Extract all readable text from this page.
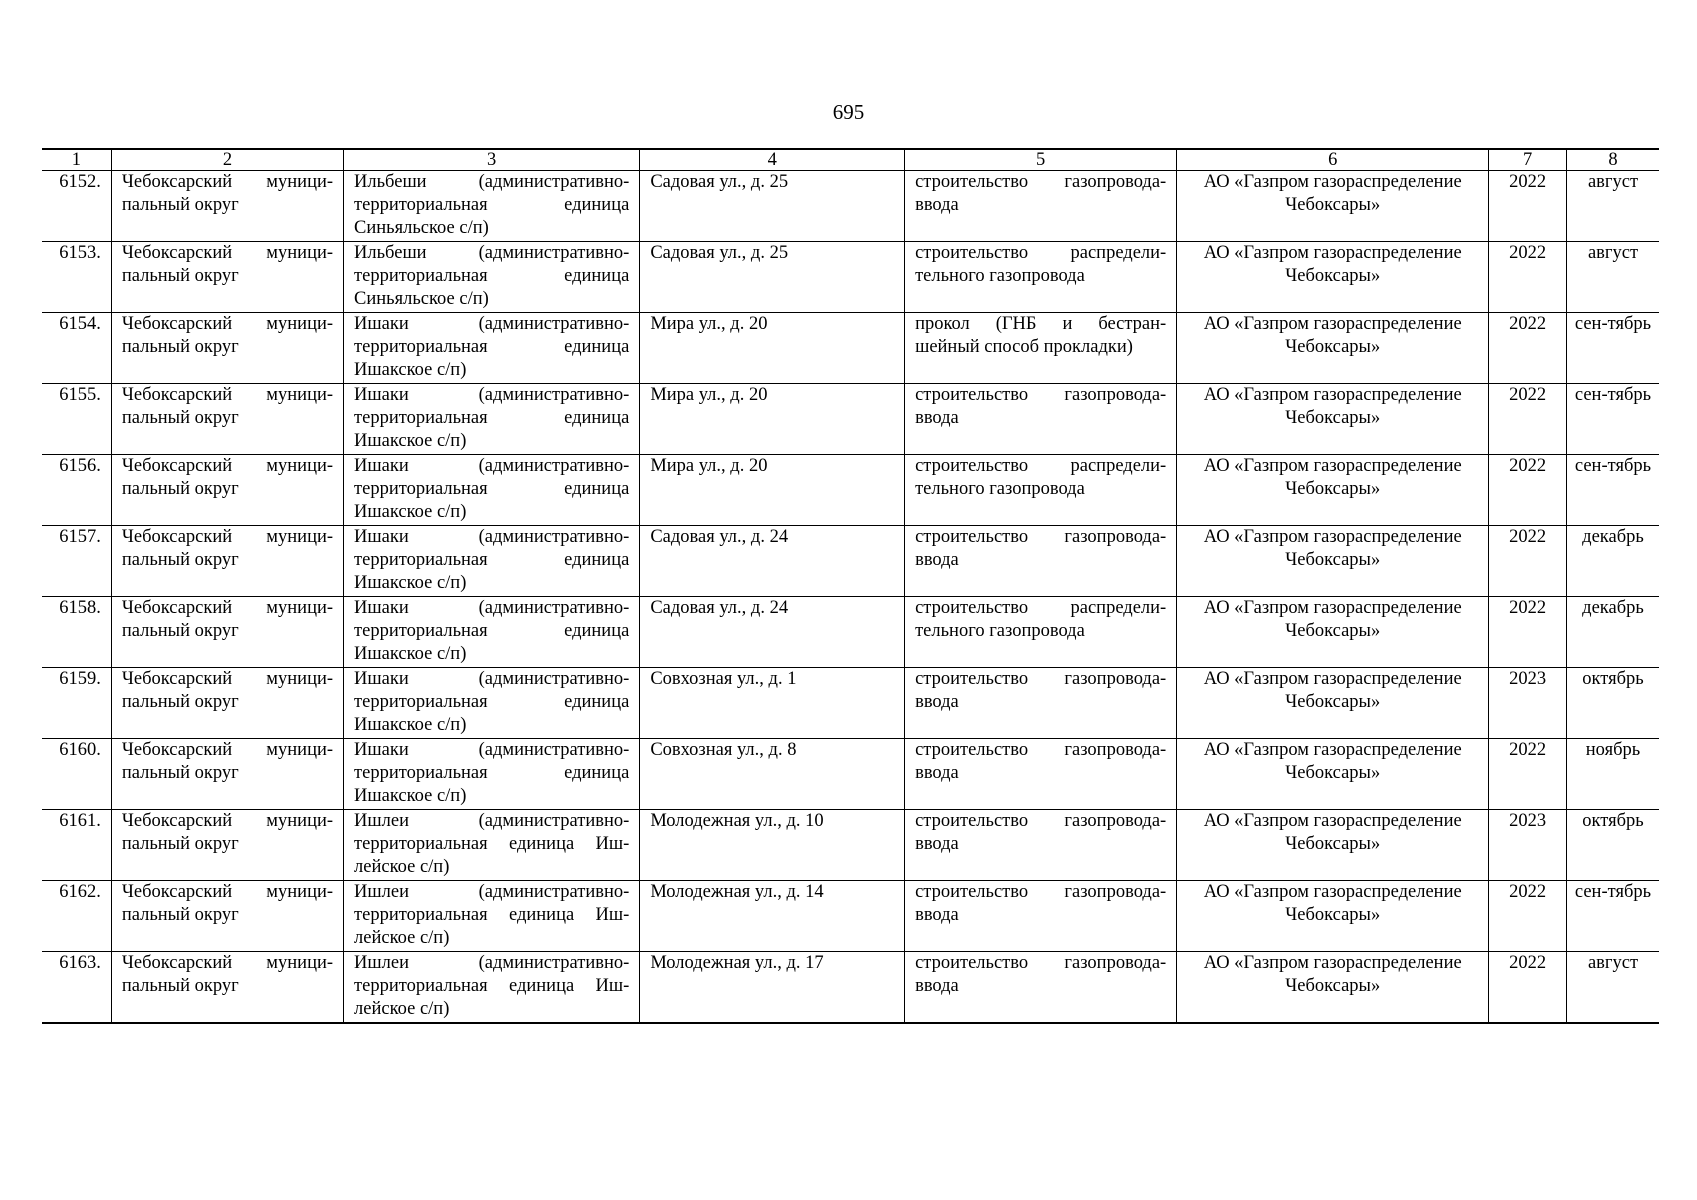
695
1	2	3	4	5	6	7	8
6152.	Чебоксарский муници-пальный округ	Ильбеши (административно-территориальная единица Синьяльское с/п)	Садовая ул., д. 25	строительство газопровода-ввода	АО «Газпром газораспределение Чебоксары»	2022	август
6153.	Чебоксарский муници-пальный округ	Ильбеши (административно-территориальная единица Синьяльское с/п)	Садовая ул., д. 25	строительство распредели-тельного газопровода	АО «Газпром газораспределение Чебоксары»	2022	август
6154.	Чебоксарский муници-пальный округ	Ишаки (административно-территориальная единица Ишакское с/п)	Мира ул., д. 20	прокол (ГНБ и бестран-шейный способ прокладки)	АО «Газпром газораспределение Чебоксары»	2022	сен-тябрь
6155.	Чебоксарский муници-пальный округ	Ишаки (административно-территориальная единица Ишакское с/п)	Мира ул., д. 20	строительство газопровода-ввода	АО «Газпром газораспределение Чебоксары»	2022	сен-тябрь
6156.	Чебоксарский муници-пальный округ	Ишаки (административно-территориальная единица Ишакское с/п)	Мира ул., д. 20	строительство распредели-тельного газопровода	АО «Газпром газораспределение Чебоксары»	2022	сен-тябрь
6157.	Чебоксарский муници-пальный округ	Ишаки (административно-территориальная единица Ишакское с/п)	Садовая ул., д. 24	строительство газопровода-ввода	АО «Газпром газораспределение Чебоксары»	2022	декабрь
6158.	Чебоксарский муници-пальный округ	Ишаки (административно-территориальная единица Ишакское с/п)	Садовая ул., д. 24	строительство распредели-тельного газопровода	АО «Газпром газораспределение Чебоксары»	2022	декабрь
6159.	Чебоксарский муници-пальный округ	Ишаки (административно-территориальная единица Ишакское с/п)	Совхозная ул., д. 1	строительство газопровода-ввода	АО «Газпром газораспределение Чебоксары»	2023	октябрь
6160.	Чебоксарский муници-пальный округ	Ишаки (административно-территориальная единица Ишакское с/п)	Совхозная ул., д. 8	строительство газопровода-ввода	АО «Газпром газораспределение Чебоксары»	2022	ноябрь
6161.	Чебоксарский муници-пальный округ	Ишлеи (административно-территориальная единица Иш-лейское с/п)	Молодежная ул., д. 10	строительство газопровода-ввода	АО «Газпром газораспределение Чебоксары»	2023	октябрь
6162.	Чебоксарский муници-пальный округ	Ишлеи (административно-территориальная единица Иш-лейское с/п)	Молодежная ул., д. 14	строительство газопровода-ввода	АО «Газпром газораспределение Чебоксары»	2022	сен-тябрь
6163.	Чебоксарский муници-пальный округ	Ишлеи (административно-территориальная единица Иш-лейское с/п)	Молодежная ул., д. 17	строительство газопровода-ввода	АО «Газпром газораспределение Чебоксары»	2022	август
